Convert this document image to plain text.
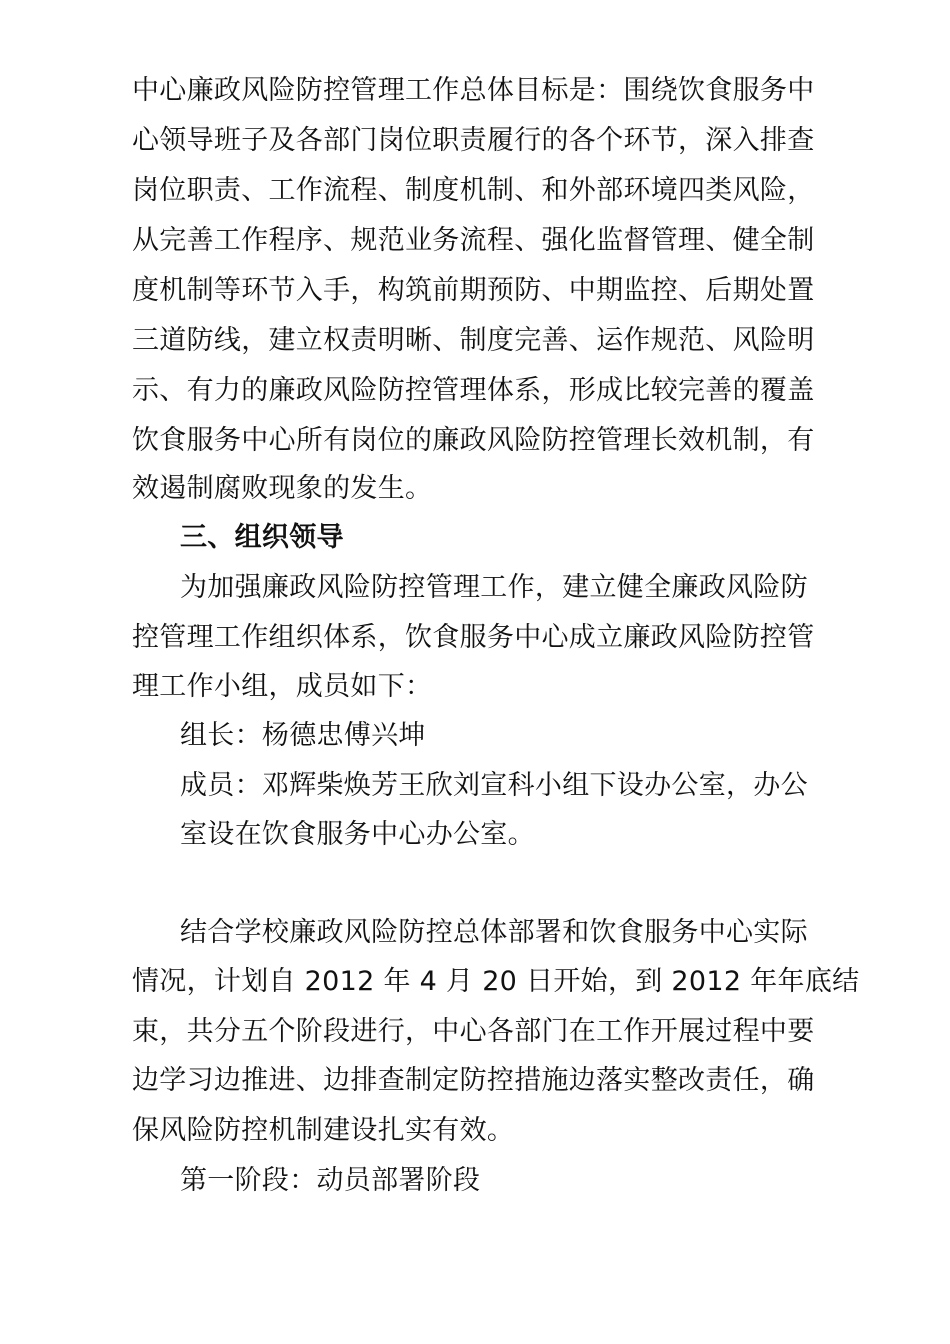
中心廉政风险防控管理工作总体目标是：围绕饮食服务中
心领导班子及各部门岗位职责履行的各个环节，深入排查
岗位职责、工作流程、制度机制、和外部环境四类风险，
从完善工作程序、规范业务流程、强化监督管理、健全制
度机制等环节入手，构筑前期预防、中期监控、后期处置
三道防线，建立权责明晰、制度完善、运作规范、风险明
示、有力的廉政风险防控管理体系，形成比较完善的覆盖
饮食服务中心所有岗位的廉政风险防控管理长效机制，有
效遏制腐败现象的发生。
三、组织领导
为加强廉政风险防控管理工作，建立健全廉政风险防
控管理工作组织体系，饮食服务中心成立廉政风险防控管
理工作小组，成员如下：
组长：杨德忠傅兴坤
成员：邓辉柴焕芳王欣刘宣科小组下设办公室，办公
室设在饮食服务中心办公室。
结合学校廉政风险防控总体部署和饮食服务中心实际
情况，计划自 2012 年 4 月 20 日开始，到 2012 年年底结
束，共分五个阶段进行，中心各部门在工作开展过程中要
边学习边推进、边排查制定防控措施边落实整改责任，确
保风险防控机制建设扎实有效。
第一阶段：动员部署阶段
